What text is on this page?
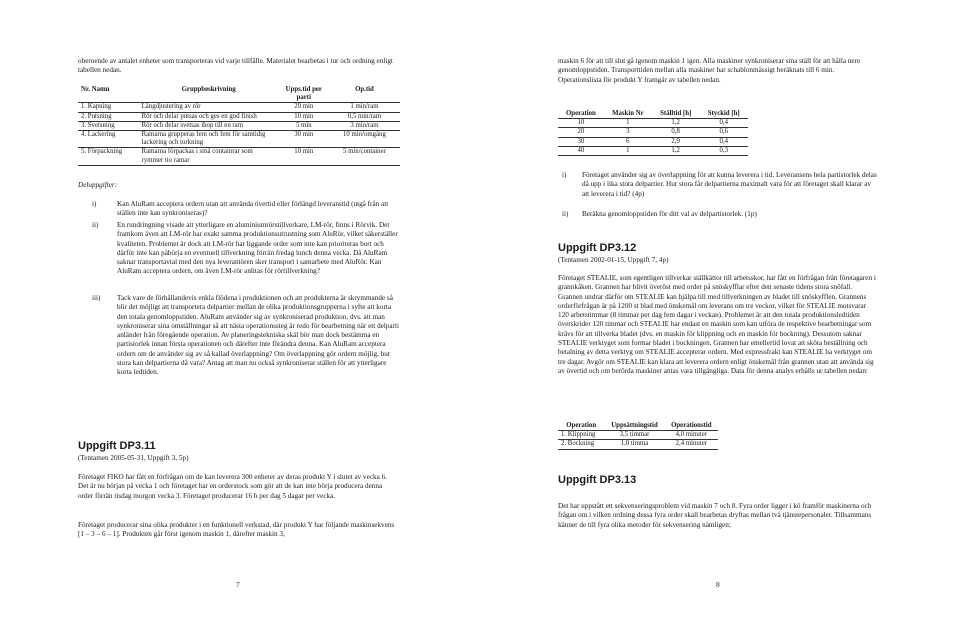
oberoende av antalet enheter som transporteras vid varje tillfälle. Materialet bearbetas i tur och ordning enligt tabellen nedan.

Nr. Namn	Gruppbeskrivning	Upps.tid per parti	Op.tid
1. Kapning	Längdjustering av rör	20 min	1 min/ram
2. Putsning	Rör och delar putsas och ges en god finish	10 min	0,5 min/ram
3. Svetsning	Rör och delar svetsas ihop till en ram	5 min	3 min/ram
4. Lackering	Ramarna grupperas fem och fem för samtidig lackering och torkning	30 min	10 min/omgång
5. Förpackning	Ramarna förpackas i små containrar som rymmer tio ramar	10 min	5 min/container
Deluppgifter:
i)	Kan AluRam acceptera ordern utan att använda övertid eller förlängd leveranstid (utgå från att ställen inte kan synkroniseras)?
ii)	En rundringning visade att ytterligare en aluminiumrörstillverkare, LM-rör, finns i Rörvik. Det framkom även att LM-rör har exakt samma produktionsutrustning som AluRör, vilket säkerställer kvaliteten. Problemet är dock att LM-rör har liggande order som inte kan prioriteras bort och därför inte kan påbörja en eventuell tillverkning förrän fredag lunch denna vecka. Då AluRam saknar transportavtal med den nya leverantören sker transport i samarbete med AluRör. Kan AluRam acceptera ordern, om även LM-rör anlitas för rörtillverkning?
iii) Tack vare de förhållandevis enkla flödena i produktionen och att produkterna är skrymmande så blir det möjligt att transportera delpartier mellan de olika produktionsgrupperna i syfte att korta den totala genomloppstiden. AluRam använder sig av synkroniserad produktion, dvs. att man synkroniserar sina omställningar så att nästa operationssteg är redo för bearbetning när ett delparti anländer från föregående operation. Av planeringstekniska skäl bör man dock bestämma en partistorlek innan första operationen och därefter inte förändra denna. Kan AluRam acceptera ordern om de använder sig av så kallad överlappning? Om överlappning gör ordern möjlig, hur stora kan delpartierna då vara? Antag att man nu också synkroniserar ställen för att ytterligare korta ledtiden.
Uppgift DP3.11
(Tentamen 2005-05-31, Uppgift 3, 5p)

Företaget FIKO har fått en förfrågan om de kan leverera 300 enheter av deras produkt Y i slutet av vecka 6. Det är nu början på vecka 1 och företaget har en orderstock som gör att de kan inte börja producera denna order förrän tisdag morgon vecka 3. Företaget producerar 16 h per dag 5 dagar per vecka.

Företaget producerar sina olika produkter i en funktionell verkstad, där produkt Y har följande maskinsekvens [1 – 3 – 6 – 1]. Produkten går först igenom maskin 1, därefter maskin 3,

7

maskin 6 för att till slut gå igenom maskin 1 igen. Alla maskiner synkroniserar sina ställ för att hålla nere genomloppstiden. Transporttiden mellan alla maskiner har schablonmässigt beräknats till 6 min. Operationslista för produkt Y framgår av tabellen nedan.

Operation	Maskin Nr	Ställtid [h]	Styckid [h]
10	1	1,2	0,4
20	3	0,8	0,6
30	6	2,9	0,4
40	1	1,2	0,3
i) Företaget använder sig av överlappning för att kunna leverera i tid. Leveransens hela partistorlek delas då upp i lika stora delpartier. Hur stora får delpartierna maximalt vara för att företaget skall klarar av att leverera i tid? (4p)
ii) Beräkna genomloppstiden för ditt val av delpartistorlek. (1p)
Uppgift DP3.12
(Tentamen 2002-01-15, Uppgift 7, 4p)

Företaget STEALIE, som egentligen tillverkar ställkättor till arbetsskor, har fått en förfrågan från företagaren i grannkåken. Grannen har blivit överöst med order på snöskyfflar efter den senaste tidens stora snöfall. Grannen undrar därför om STEALIE kan hjälpa till med tillverkningen av bladet till snöskyfflen. Grannens orderförfrågan är på 1200 st blad med önskemål om leverans om tre veckor, vilket för STEALIE motsvarar 120 arbetstimmar (8 timmar per dag fem dagar i veckan). Problemet är att den totala produktionsledtiden överskrider 120 timmar och STEALIE har endast en maskin som kan utföra de respektive bearbetningar som krävs för att tillverka bladet (dvs. en maskin för klippning och en maskin för bockning). Dessutom saknar STEALIE verktyget som formar bladet i bockningen. Grannen har emellertid lovat att sköta beställning och betalning av detta verktyg om STEALIE accepterar ordern. Med expressfrakt kan STEALIE ha verktyget om tre dagar. Avgör om STEALIE kan klara att leverera ordern enligt önskemål från grannen utan att använda sig av övertid och om berörda maskiner antas vara tillgängliga. Data för denna analys erhålls ur tabellen nedan:

Operation	Uppsättningstid	Operationstid
1. Klippning	3,5 timmar	4,0 minuter
2. Bockning	1,0 timma	2,4 minuter
Uppgift DP3.13

Det har uppstått ett sekvenseringsproblem vid maskin 7 och 8. Fyra order ligger i kö framför maskinerna och frågan om i vilken ordning dessa fyra order skall bearbetas dryftas mellan två tjänstepersonaler. Tillsammans känner de till fyra olika metoder för sekvensering nämligen;

8
